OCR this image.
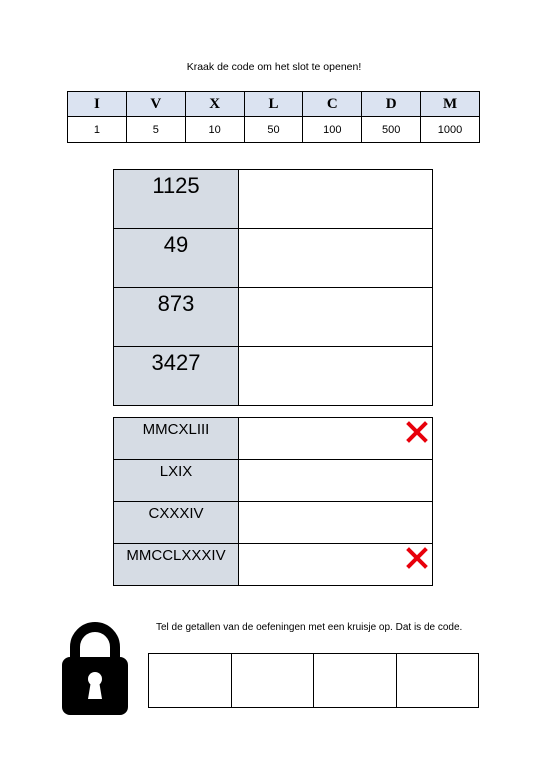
Kraak de code om het slot te openen!
I	V	X	L	C	D	M
1	5	10	50	100	500	1000
1125	
49	
873	
3427	
MMCXLIII	

LXIX	
CXXXIV	
MMCCLXXXIV	
Tel de getallen van de oefeningen met een kruisje op. Dat is de code.
